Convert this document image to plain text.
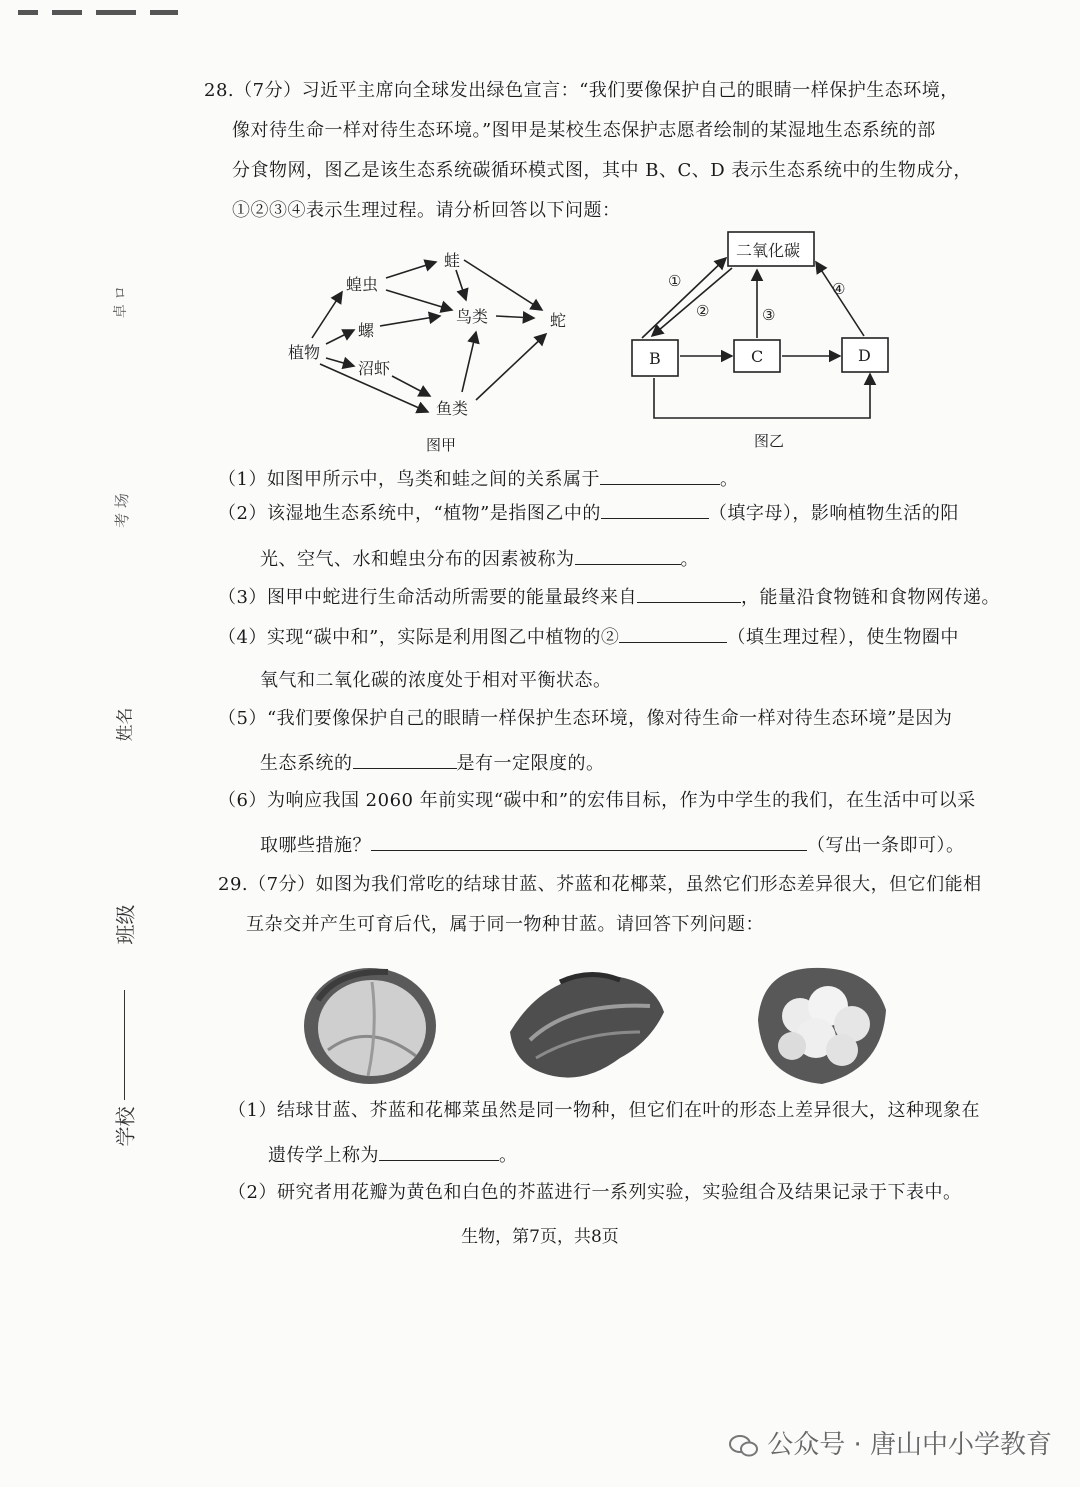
卓 ロ
考 场
姓名
班级
学校
28.（7分）习近平主席向全球发出绿色宣言：“我们要像保护自己的眼睛一样保护生态环境，
像对待生命一样对待生态环境。”图甲是某校生态保护志愿者绘制的某湿地生态系统的部
分食物网，图乙是该生态系统碳循环模式图，其中 B、C、D 表示生态系统中的生物成分，
①②③④表示生理过程。请分析回答以下问题：
植物
蝗虫
螺
沼虾
鱼类
蛙
鸟类	蛇
图甲
二氧化碳
B	C	D
①
②	③
④
图乙
（1）如图甲所示中，鸟类和蛙之间的关系属于	。
（2）该湿地生态系统中，“植物”是指图乙中的	（填字母），影响植物生活的阳
光、空气、水和蝗虫分布的因素被称为	。
（3）图甲中蛇进行生命活动所需要的能量最终来自	，能量沿食物链和食物网传递。
（4）实现“碳中和”，实际是利用图乙中植物的②	（填生理过程），使生物圈中
氧气和二氧化碳的浓度处于相对平衡状态。
（5）“我们要像保护自己的眼睛一样保护生态环境，像对待生命一样对待生态环境”是因为
生态系统的	是有一定限度的。
（6）为响应我国 2060 年前实现“碳中和”的宏伟目标，作为中学生的我们，在生活中可以采
取哪些措施？	（写出一条即可）。
29.（7分）如图为我们常吃的结球甘蓝、芥蓝和花椰菜，虽然它们形态差异很大，但它们能相
互杂交并产生可育后代，属于同一物种甘蓝。请回答下列问题：
（1）结球甘蓝、芥蓝和花椰菜虽然是同一物种，但它们在叶的形态上差异很大，这种现象在
遗传学上称为	。
（2）研究者用花瓣为黄色和白色的芥蓝进行一系列实验，实验组合及结果记录于下表中。
生物，第7页，共8页
公众号 · 唐山中小学教育
